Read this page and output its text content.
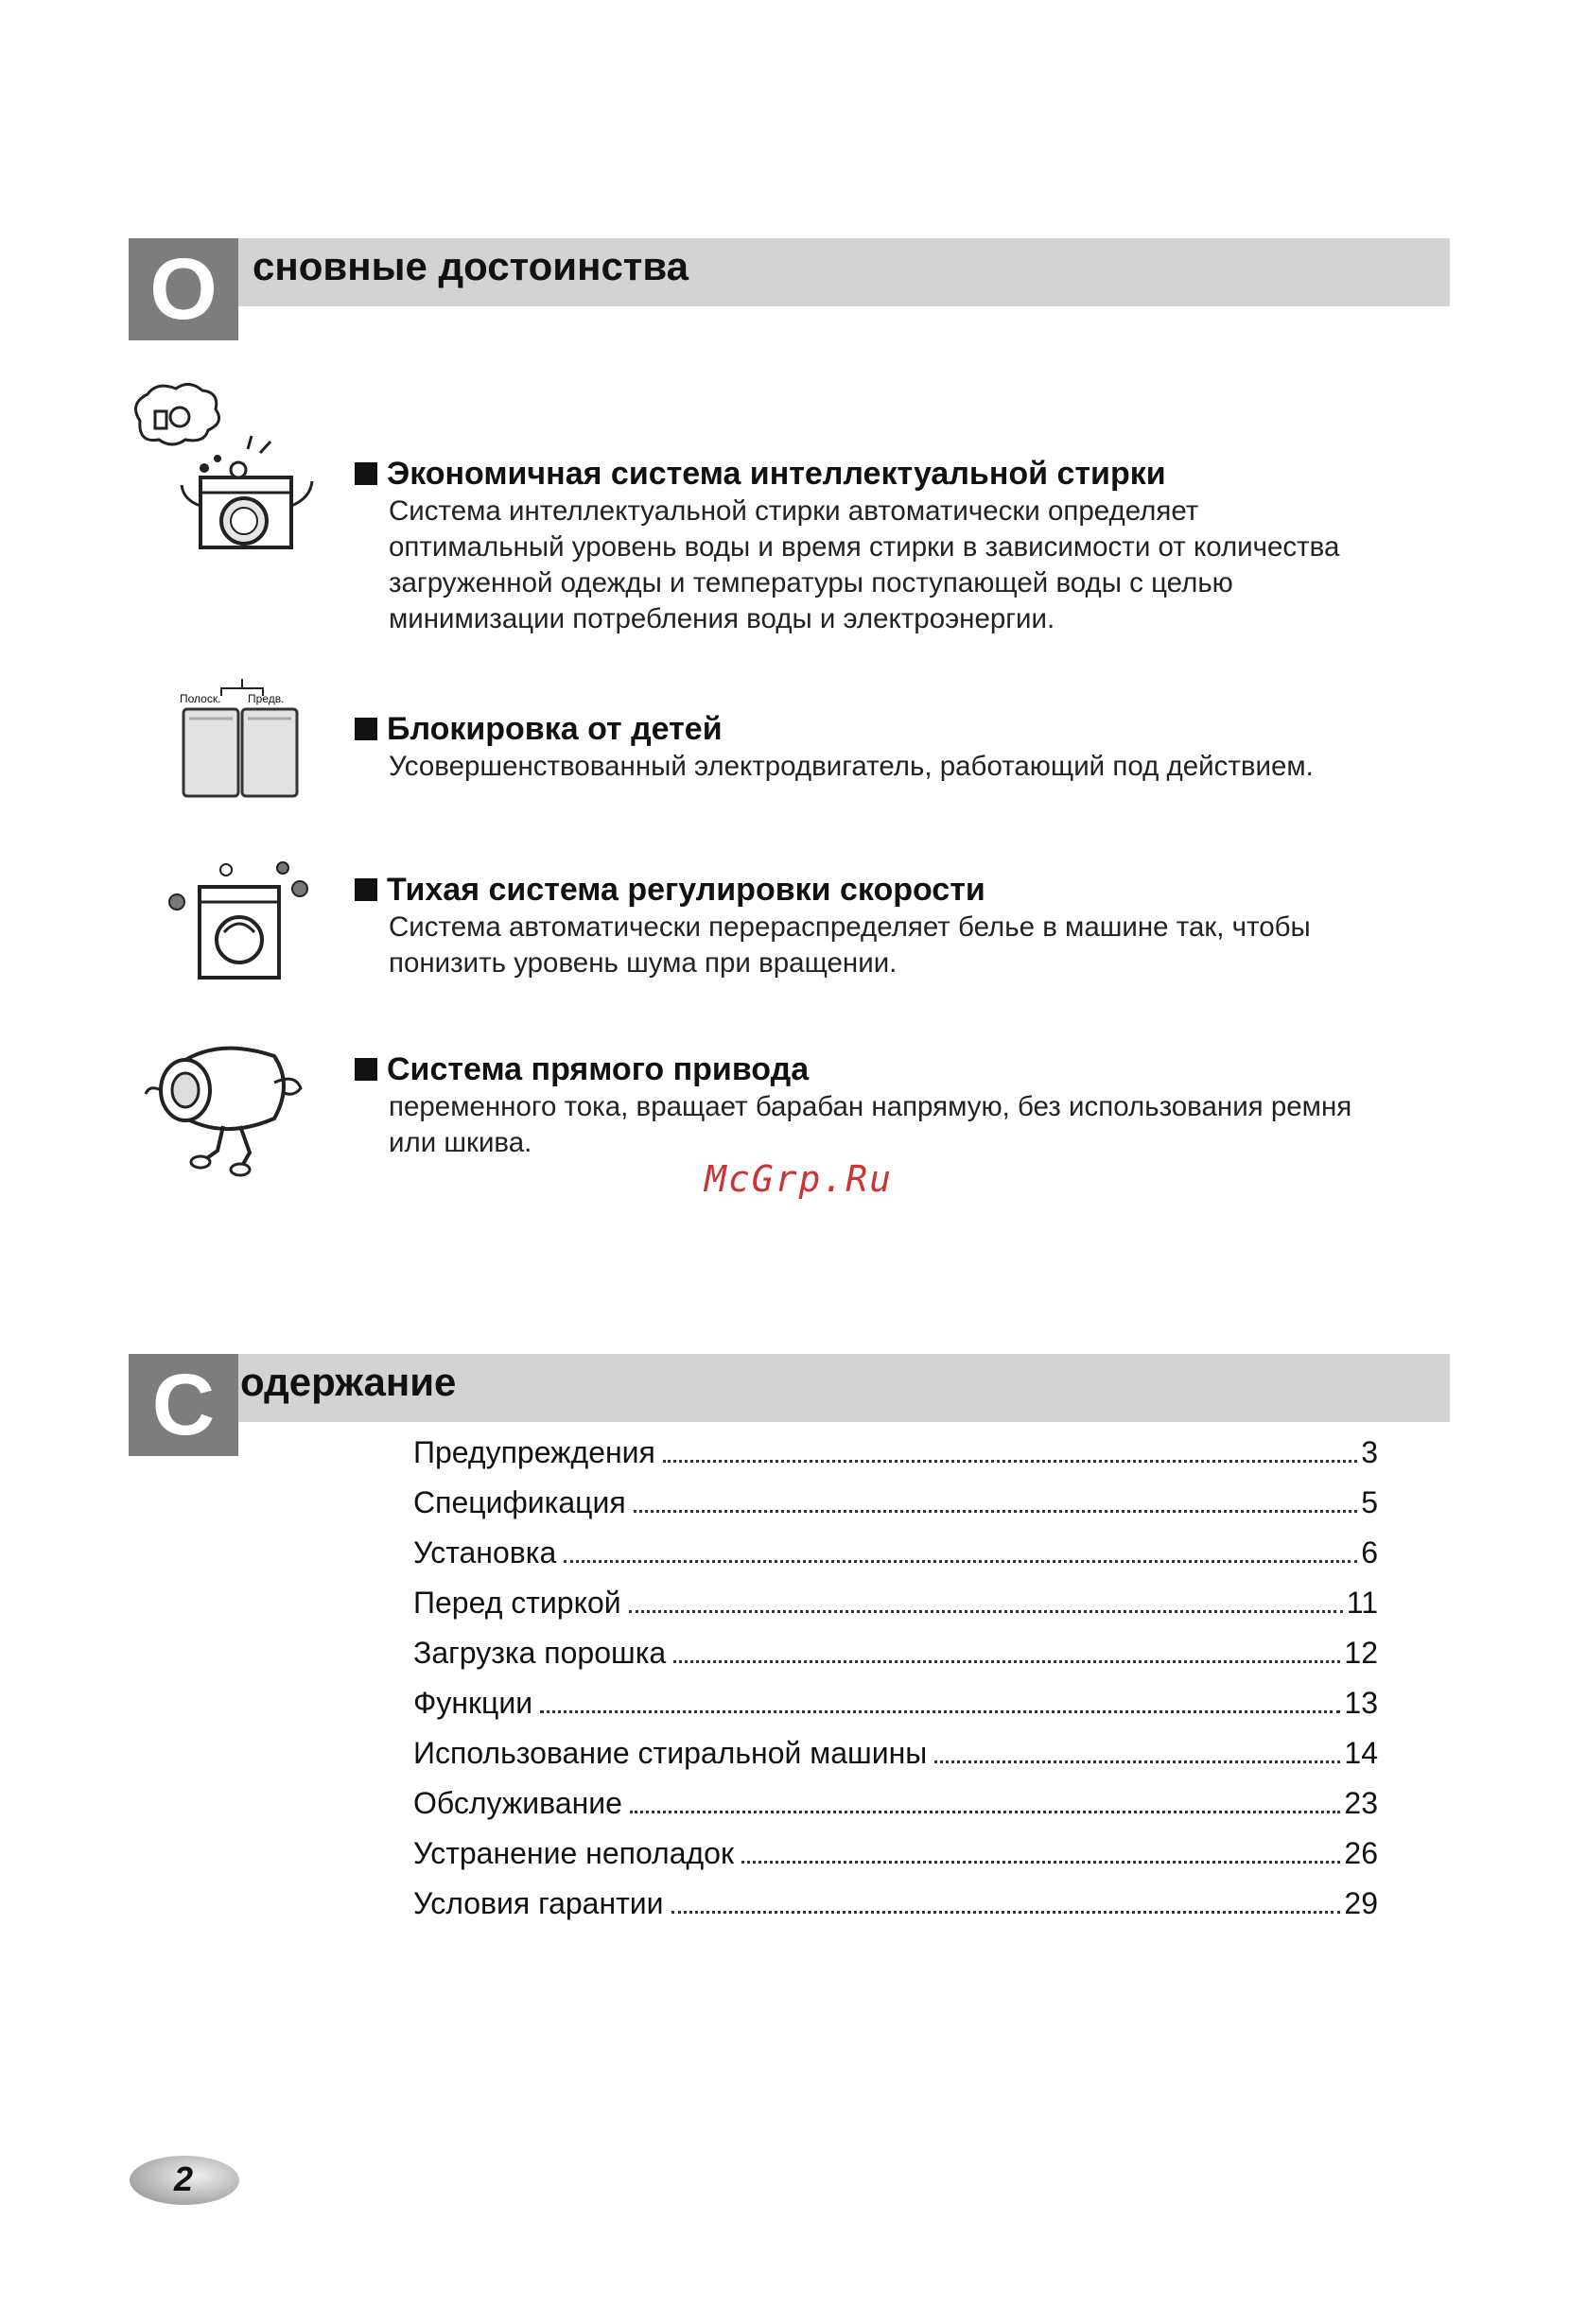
О сновные достоинства
Экономичная система интеллектуальной стирки
Система интеллектуальной стирки автоматически определяет
оптимальный уровень воды и время стирки в зависимости от количества
загруженной одежды и температуры поступающей воды с целью
минимизации потребления воды и электроэнергии.
Полоск. Предв.
Блокировка от детей
Усовершенствованный электродвигатель, работающий под действием.
Тихая система регулировки скорости
Система автоматически перераспределяет белье в машине так, чтобы
понизить уровень шума при вращении.
Система прямого привода
переменного тока, вращает барабан напрямую, без использования ремня
или шкива.
McGrp.Ru
С одержание
Предупреждения	3
Спецификация	5
Установка	6
Перед стиркой	11
Загрузка порошка	12
Функции	13
Использование стиральной машины	14
Обслуживание	23
Устранение неполадок	26
Условия гарантии	29
2
